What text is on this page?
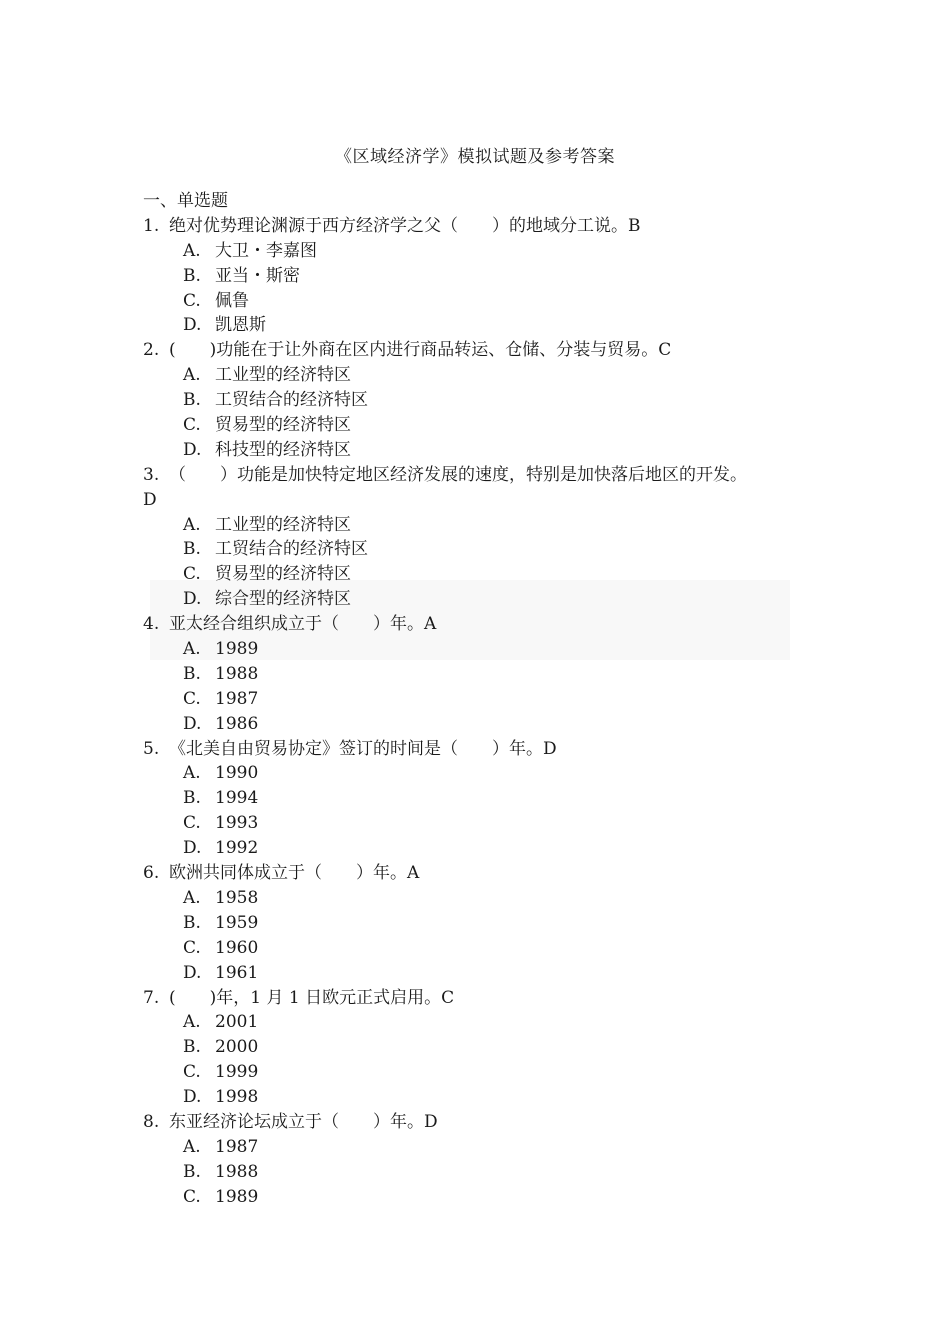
《区域经济学》模拟试题及参考答案
一、单选题
1. 绝对优势理论渊源于西方经济学之父（　　）的地域分工说。B
A. 大卫・李嘉图
B. 亚当・斯密
C. 佩鲁
D. 凯恩斯
2. (　　)功能在于让外商在区内进行商品转运、仓储、分装与贸易。C
A. 工业型的经济特区
B. 工贸结合的经济特区
C. 贸易型的经济特区
D. 科技型的经济特区
3. （　　）功能是加快特定地区经济发展的速度，特别是加快落后地区的开发。
D
A. 工业型的经济特区
B. 工贸结合的经济特区
C. 贸易型的经济特区
D. 综合型的经济特区
4. 亚太经合组织成立于（　　）年。A
A. 1989
B. 1988
C. 1987
D. 1986
5. 《北美自由贸易协定》签订的时间是（　　）年。D
A. 1990
B. 1994
C. 1993
D. 1992
6. 欧洲共同体成立于（　　）年。A
A. 1958
B. 1959
C. 1960
D. 1961
7. (　　)年，1 月 1 日欧元正式启用。C
A. 2001
B. 2000
C. 1999
D. 1998
8. 东亚经济论坛成立于（　　）年。D
A. 1987
B. 1988
C. 1989
